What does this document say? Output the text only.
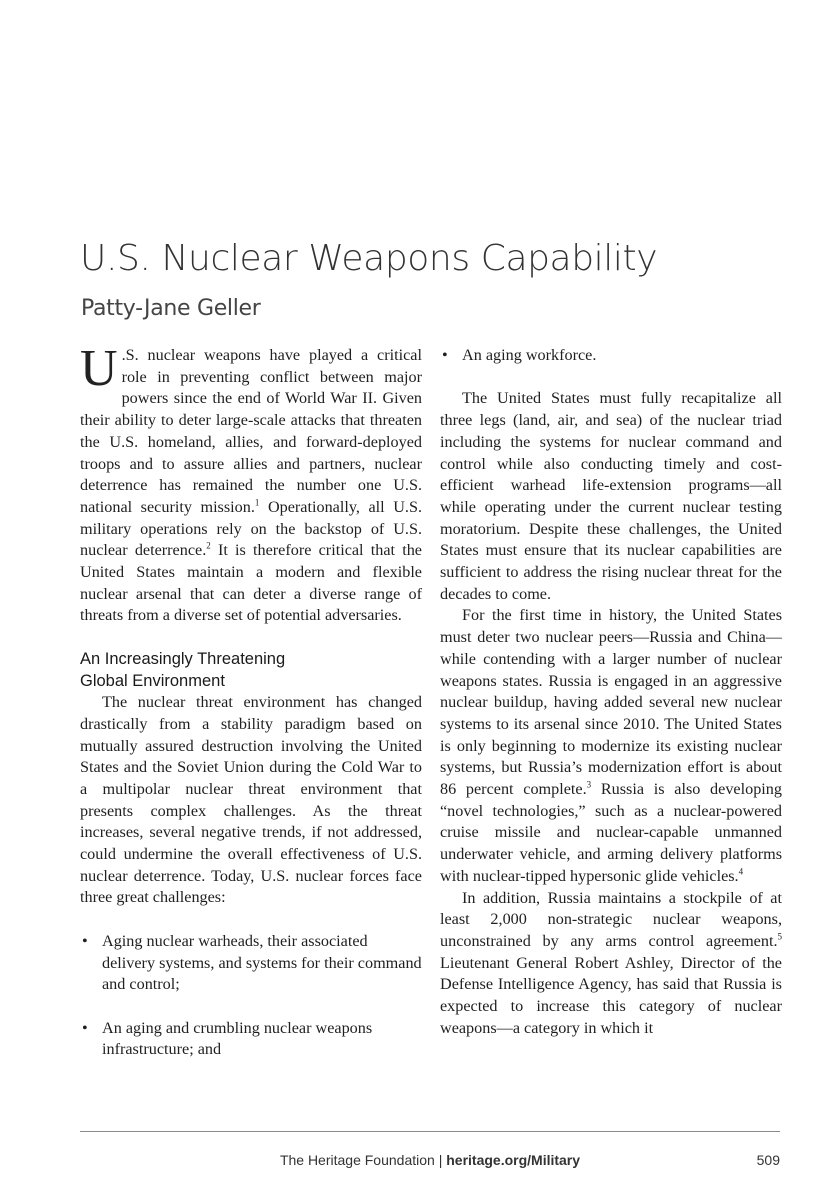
U.S. Nuclear Weapons Capability
Patty-Jane Geller

U .S. nuclear weapons have played a critical role in preventing conflict between major powers since the end of World War II. Given their ability to deter large-scale attacks that threaten the U.S. homeland, allies, and forward-deployed troops and to assure allies and partners, nuclear deterrence has remained the number one U.S. national security mission.$^1$ Operationally, all U.S. military operations rely on the backstop of U.S. nuclear deterrence.$^2$ It is therefore critical that the United States maintain a modern and flexible nuclear arsenal that can deter a diverse range of threats from a diverse set of potential adversaries.

An Increasingly Threatening
Global Environment

The nuclear threat environment has changed drastically from a stability paradigm based on mutually assured destruction involving the United States and the Soviet Union during the Cold War to a multipolar nuclear threat environment that presents complex challenges. As the threat increases, several negative trends, if not addressed, could undermine the overall effectiveness of U.S. nuclear deterrence. Today, U.S. nuclear forces face three great challenges:

• Aging nuclear warheads, their associated delivery systems, and systems for their command and control;
• An aging and crumbling nuclear weapons infrastructure; and
• An aging workforce.

The United States must fully recapitalize all three legs (land, air, and sea) of the nuclear triad including the systems for nuclear command and control while also conducting timely and cost-efficient warhead life-extension programs—all while operating under the current nuclear testing moratorium. Despite these challenges, the United States must ensure that its nuclear capabilities are sufficient to address the rising nuclear threat for the decades to come.

For the first time in history, the United States must deter two nuclear peers—Russia and China—while contending with a larger number of nuclear weapons states. Russia is engaged in an aggressive nuclear buildup, having added several new nuclear systems to its arsenal since 2010. The United States is only beginning to modernize its existing nuclear systems, but Russia’s modernization effort is about 86 percent complete.$^3$ Russia is also developing “novel technologies,” such as a nuclear-powered cruise missile and nuclear-capable unmanned underwater vehicle, and arming delivery platforms with nuclear-tipped hypersonic glide vehicles.$^4$

In addition, Russia maintains a stockpile of at least 2,000 non-strategic nuclear weapons, unconstrained by any arms control agreement.$^5$ Lieutenant General Robert Ashley, Director of the Defense Intelligence Agency, has said that Russia is expected to increase this category of nuclear weapons—a category in which it

The Heritage Foundation | heritage.org/Military	509
